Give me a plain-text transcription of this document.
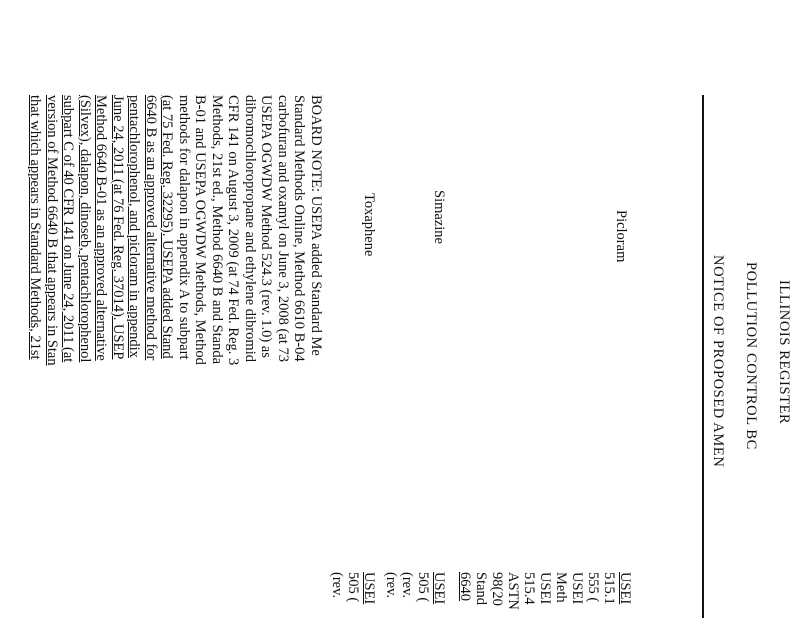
ILLINOIS REGISTER
POLLUTION CONTROL BC
NOTICE OF PROPOSED AMEN
Picloram
USEI
515.1
555 (
USEI
Meth
USEI
515.4
ASTN
98(20
Stand
6640
Simazine
USEI
505 (
(rev.
(rev.
Toxaphene
USEI
505 (
(rev.
BOARD NOTE: USEPA added Standard Me
Standard Methods Online, Method 6610 B-04
carbofuran and oxamyl on June 3, 2008 (at 73
USEPA OGWDW Method 524.3 (rev. 1.0) as
dibromochloropropane and ethylene dibromid
CFR 141 on August 3, 2009 (at 74 Fed. Reg. 3
Methods, 21st ed., Method 6640 B and Standa
B-01 and USEPA OGWDW Methods, Method
methods for dalapon in appendix A to subpart
(at 75 Fed. Reg. 32295). USEPA added Stand
6640 B as an approved alternative method for
pentachlorophenol, and picloram in appendix
June 24, 2011 (at 76 Fed. Reg. 37014). USEP
Method 6640 B-01 as an approved alternative
(Silvex), dalapon, dinoseb, pentachlorophenol
subpart C of 40 CFR 141 on June 24, 2011 (at
version of Method 6640 B that appears in Stan
that which appears in Standard Methods, 21st
